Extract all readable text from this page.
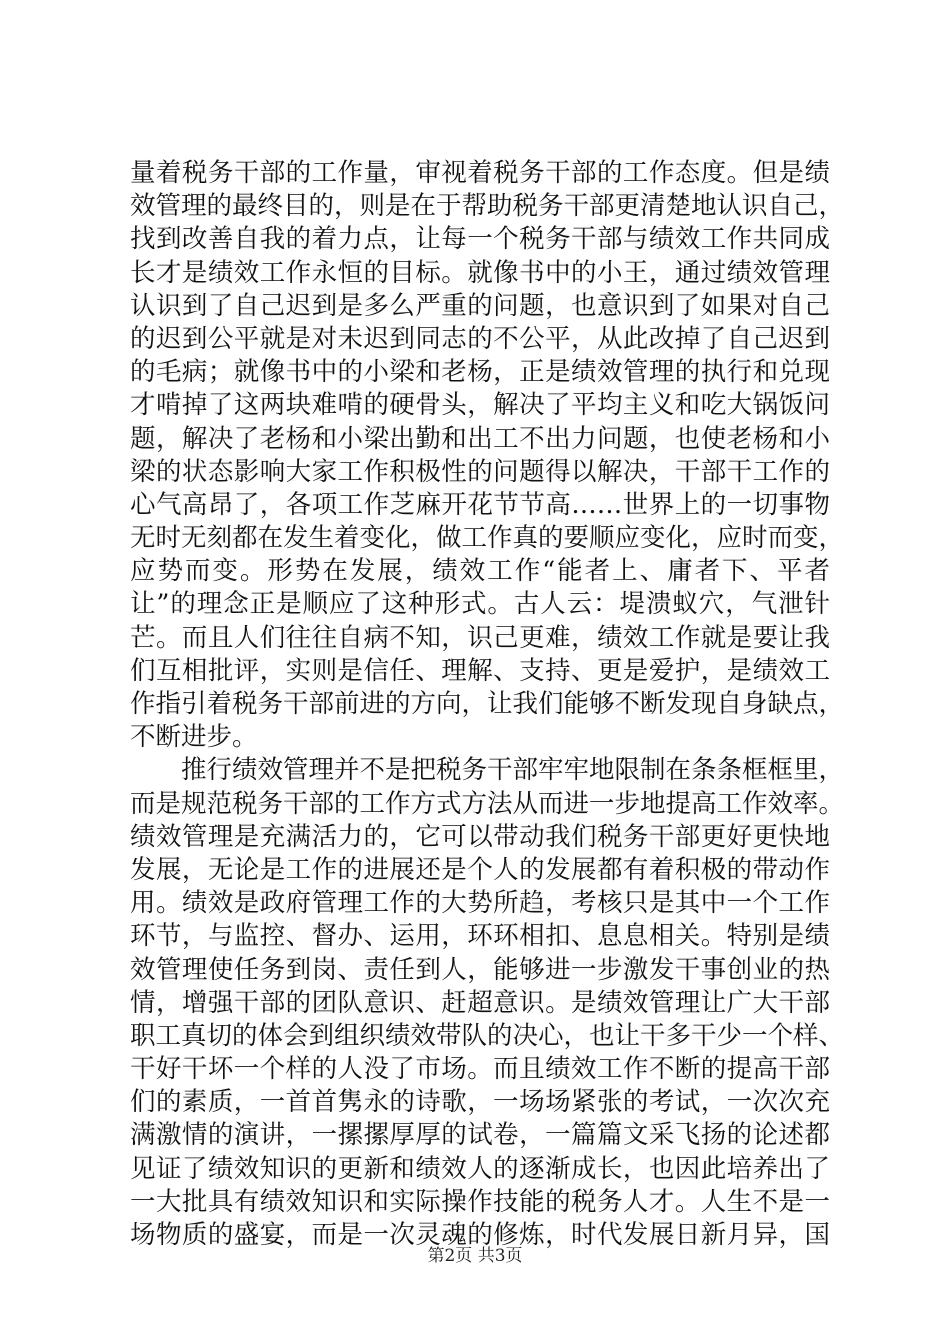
量着税务干部的工作量，审视着税务干部的工作态度。但是绩
效管理的最终目的，则是在于帮助税务干部更清楚地认识自己，
找到改善自我的着力点，让每一个税务干部与绩效工作共同成
长才是绩效工作永恒的目标。就像书中的小王，通过绩效管理
认识到了自己迟到是多么严重的问题，也意识到了如果对自己
的迟到公平就是对未迟到同志的不公平，从此改掉了自己迟到
的毛病；就像书中的小梁和老杨，正是绩效管理的执行和兑现
才啃掉了这两块难啃的硬骨头，解决了平均主义和吃大锅饭问
题，解决了老杨和小梁出勤和出工不出力问题，也使老杨和小
梁的状态影响大家工作积极性的问题得以解决，干部干工作的
心气高昂了，各项工作芝麻开花节节高……世界上的一切事物
无时无刻都在发生着变化，做工作真的要顺应变化，应时而变，
应势而变。形势在发展，绩效工作“能者上、庸者下、平者
让”的理念正是顺应了这种形式。古人云：堤溃蚁穴，气泄针
芒。而且人们往往自病不知，识己更难，绩效工作就是要让我
们互相批评，实则是信任、理解、支持、更是爱护，是绩效工
作指引着税务干部前进的方向，让我们能够不断发现自身缺点，
不断进步。
　　推行绩效管理并不是把税务干部牢牢地限制在条条框框里，
而是规范税务干部的工作方式方法从而进一步地提高工作效率。
绩效管理是充满活力的，它可以带动我们税务干部更好更快地
发展，无论是工作的进展还是个人的发展都有着积极的带动作
用。绩效是政府管理工作的大势所趋，考核只是其中一个工作
环节，与监控、督办、运用，环环相扣、息息相关。特别是绩
效管理使任务到岗、责任到人，能够进一步激发干事创业的热
情，增强干部的团队意识、赶超意识。是绩效管理让广大干部
职工真切的体会到组织绩效带队的决心，也让干多干少一个样、
干好干坏一个样的人没了市场。而且绩效工作不断的提高干部
们的素质，一首首隽永的诗歌，一场场紧张的考试，一次次充
满激情的演讲，一摞摞厚厚的试卷，一篇篇文采飞扬的论述都
见证了绩效知识的更新和绩效人的逐渐成长，也因此培养出了
一大批具有绩效知识和实际操作技能的税务人才。人生不是一
场物质的盛宴，而是一次灵魂的修炼，时代发展日新月异，国
第2页 共3页
